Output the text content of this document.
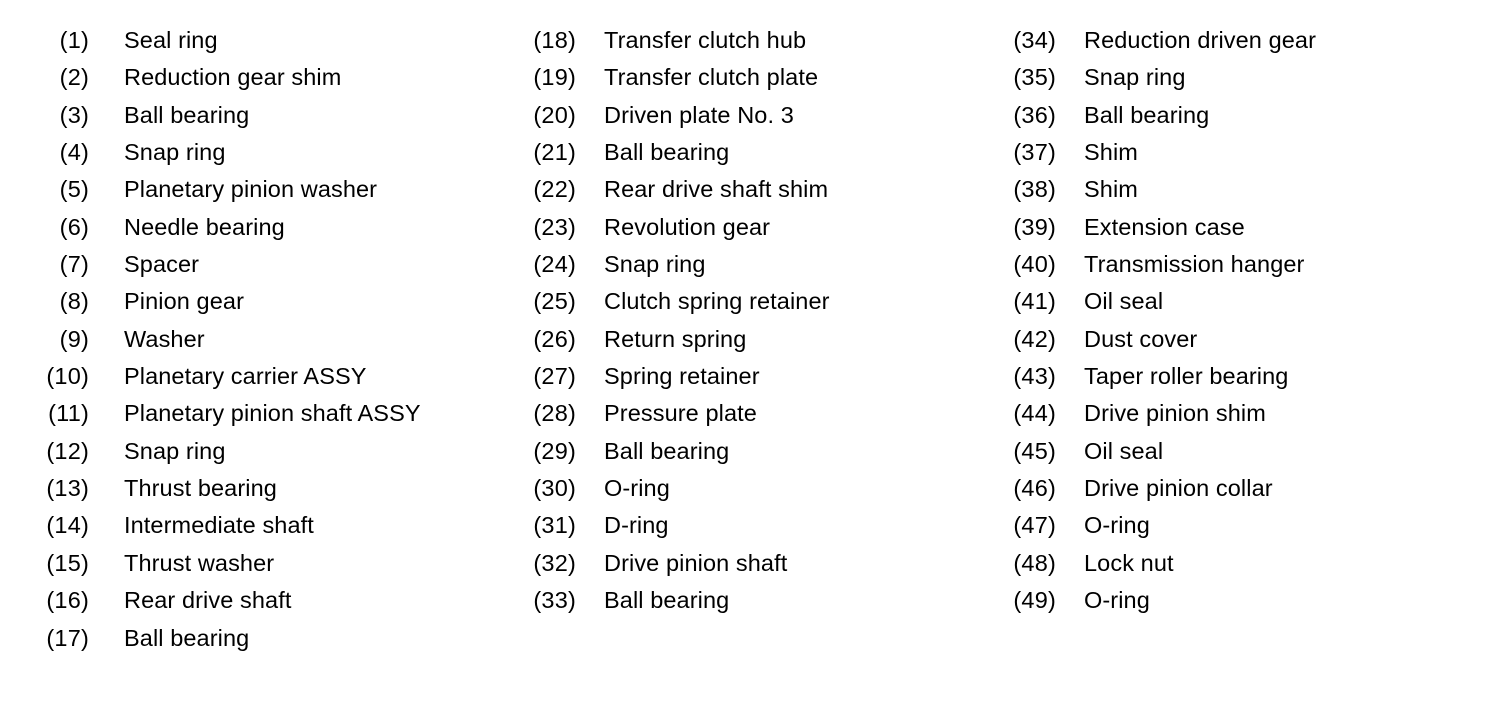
(1) Seal ring
(2) Reduction gear shim
(3) Ball bearing
(4) Snap ring
(5) Planetary pinion washer
(6) Needle bearing
(7) Spacer
(8) Pinion gear
(9) Washer
(10) Planetary carrier ASSY
(11) Planetary pinion shaft ASSY
(12) Snap ring
(13) Thrust bearing
(14) Intermediate shaft
(15) Thrust washer
(16) Rear drive shaft
(17) Ball bearing
(18) Transfer clutch hub
(19) Transfer clutch plate
(20) Driven plate No. 3
(21) Ball bearing
(22) Rear drive shaft shim
(23) Revolution gear
(24) Snap ring
(25) Clutch spring retainer
(26) Return spring
(27) Spring retainer
(28) Pressure plate
(29) Ball bearing
(30) O-ring
(31) D-ring
(32) Drive pinion shaft
(33) Ball bearing
(34) Reduction driven gear
(35) Snap ring
(36) Ball bearing
(37) Shim
(38) Shim
(39) Extension case
(40) Transmission hanger
(41) Oil seal
(42) Dust cover
(43) Taper roller bearing
(44) Drive pinion shim
(45) Oil seal
(46) Drive pinion collar
(47) O-ring
(48) Lock nut
(49) O-ring
